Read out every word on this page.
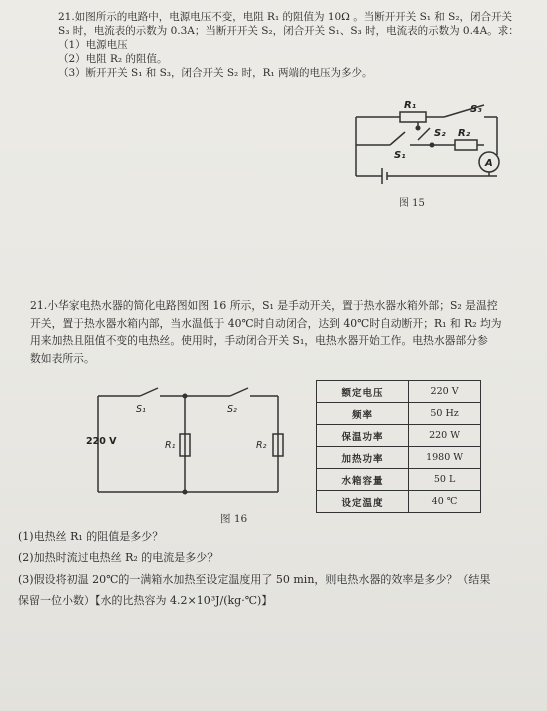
21.如图所示的电路中，电源电压不变，电阻 R₁ 的阻值为 10Ω 。当断开开关 S₁ 和 S₂，闭合开关
S₃ 时，电流表的示数为 0.3A；当断开开关 S₂，闭合开关 S₁、S₃ 时，电流表的示数为 0.4A。求：
（1）电源电压
（2）电阻 R₂ 的阻值。
（3）断开开关 S₁ 和 S₃，闭合开关 S₂ 时，R₁ 两端的电压为多少。
R₁	S₃
S₂ R₂
S₁
A
图 15
S₁	S₂
R₁	R₂
220 V
图 16
21.小华家电热水器的简化电路图如图 16 所示，S₁ 是手动开关，置于热水器水箱外部；S₂ 是温控
开关，置于热水器水箱内部，当水温低于 40℃时自动闭合，达到 40℃时自动断开；R₁ 和 R₂ 均为
用来加热且阻值不变的电热丝。使用时，手动闭合开关 S₁，电热水器开始工作。电热水器部分参
数如表所示。
额定电压	220 V
频率	50 Hz
保温功率	220 W
加热功率	1980 W
水箱容量	50 L
设定温度	40 ℃
(1)电热丝 R₁ 的阻值是多少？
(2)加热时流过电热丝 R₂ 的电流是多少？
(3)假设将初温 20℃的一满箱水加热至设定温度用了 50 min，则电热水器的效率是多少？（结果
保留一位小数）【水的比热容为 4.2×10³J/(kg·℃)】
